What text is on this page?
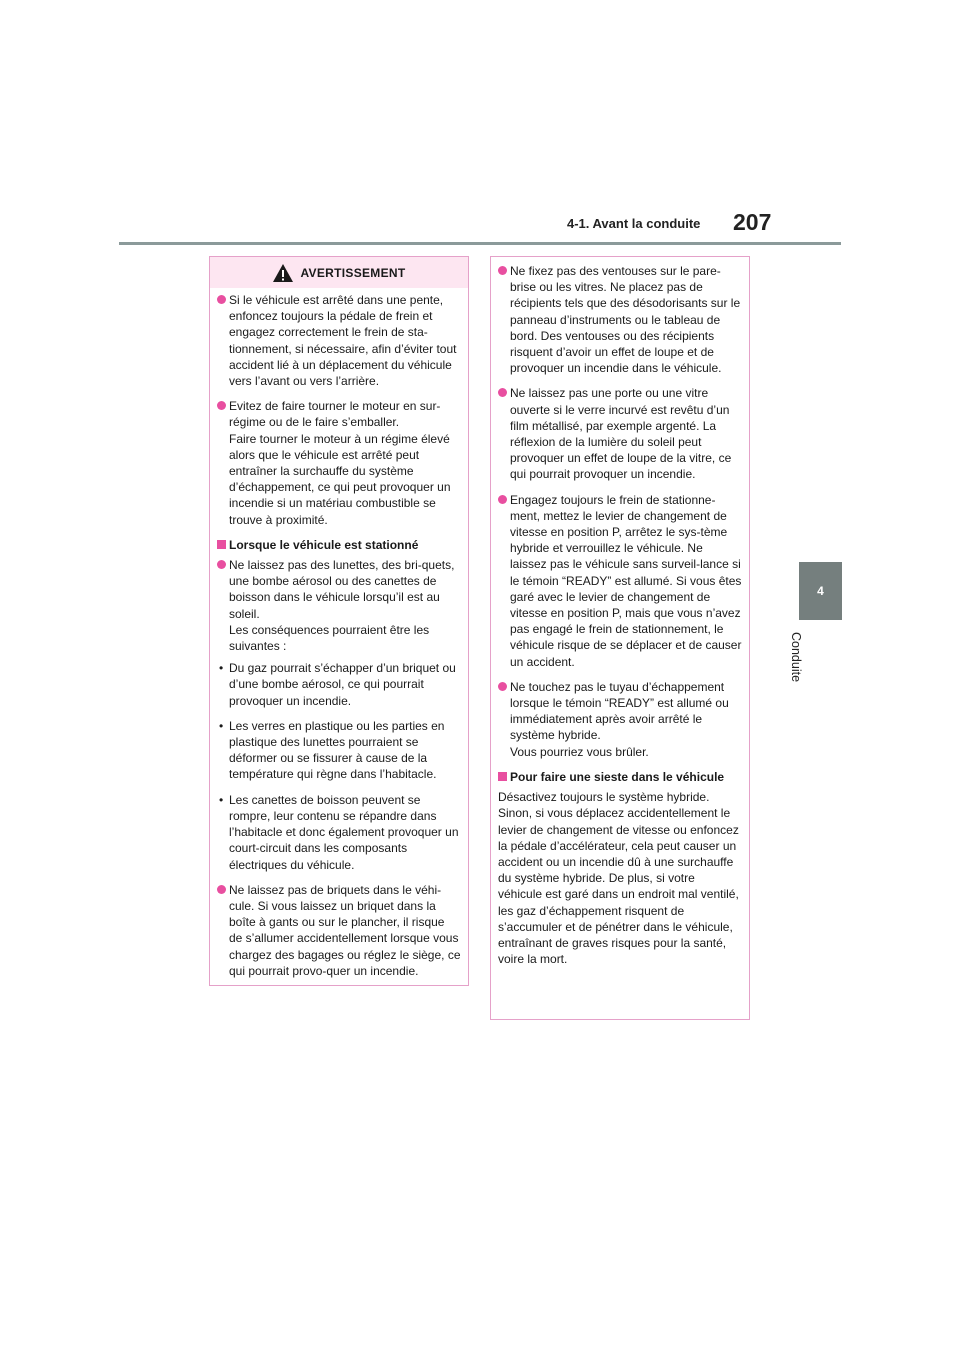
4-1. Avant la conduite 207
4
Conduite
AVERTISSEMENT

Si le véhicule est arrêté dans une pente, enfoncez toujours la pédale de frein et engagez correctement le frein de sta-tionnement, si nécessaire, afin d’éviter tout accident lié à un déplacement du véhicule vers l’avant ou vers l’arrière.

Evitez de faire tourner le moteur en sur-régime ou de le faire s’emballer.

Faire tourner le moteur à un régime élevé alors que le véhicule est arrêté peut entraîner la surchauffe du système d’échappement, ce qui peut provoquer un incendie si un matériau combustible se trouve à proximité.

Lorsque le véhicule est stationné

Ne laissez pas des lunettes, des bri-quets, une bombe aérosol ou des canettes de boisson dans le véhicule lorsqu’il est au soleil.

Les conséquences pourraient être les suivantes :

• Du gaz pourrait s’échapper d’un briquet ou d’une bombe aérosol, ce qui pourrait provoquer un incendie.

• Les verres en plastique ou les parties en plastique des lunettes pourraient se déformer ou se fissurer à cause de la température qui règne dans l’habitacle.

• Les canettes de boisson peuvent se rompre, leur contenu se répandre dans l’habitacle et donc également provoquer un court-circuit dans les composants électriques du véhicule.

Ne laissez pas de briquets dans le véhi-cule. Si vous laissez un briquet dans la boîte à gants ou sur le plancher, il risque de s’allumer accidentellement lorsque vous chargez des bagages ou réglez le siège, ce qui pourrait provo-quer un incendie.

Ne fixez pas des ventouses sur le pare-brise ou les vitres. Ne placez pas de récipients tels que des désodorisants sur le panneau d’instruments ou le tableau de bord. Des ventouses ou des récipients risquent d’avoir un effet de loupe et de provoquer un incendie dans le véhicule.

Ne laissez pas une porte ou une vitre ouverte si le verre incurvé est revêtu d’un film métallisé, par exemple argenté. La réflexion de la lumière du soleil peut provoquer un effet de loupe de la vitre, ce qui pourrait provoquer un incendie.

Engagez toujours le frein de stationne-ment, mettez le levier de changement de vitesse en position P, arrêtez le sys-tème hybride et verrouillez le véhicule. Ne laissez pas le véhicule sans surveil-lance si le témoin “READY” est allumé. Si vous êtes garé avec le levier de changement de vitesse en position P, mais que vous n’avez pas engagé le frein de stationnement, le véhicule risque de se déplacer et de causer un accident.

Ne touchez pas le tuyau d’échappement lorsque le témoin “READY” est allumé ou immédiatement après avoir arrêté le système hybride.

Vous pourriez vous brûler.

Pour faire une sieste dans le véhicule

Désactivez toujours le système hybride. Sinon, si vous déplacez accidentellement le levier de changement de vitesse ou enfoncez la pédale d’accélérateur, cela peut causer un accident ou un incendie dû à une surchauffe du système hybride. De plus, si votre véhicule est garé dans un endroit mal ventilé, les gaz d’échappement risquent de s’accumuler et de pénétrer dans le véhicule, entraînant de graves risques pour la santé, voire la mort.
